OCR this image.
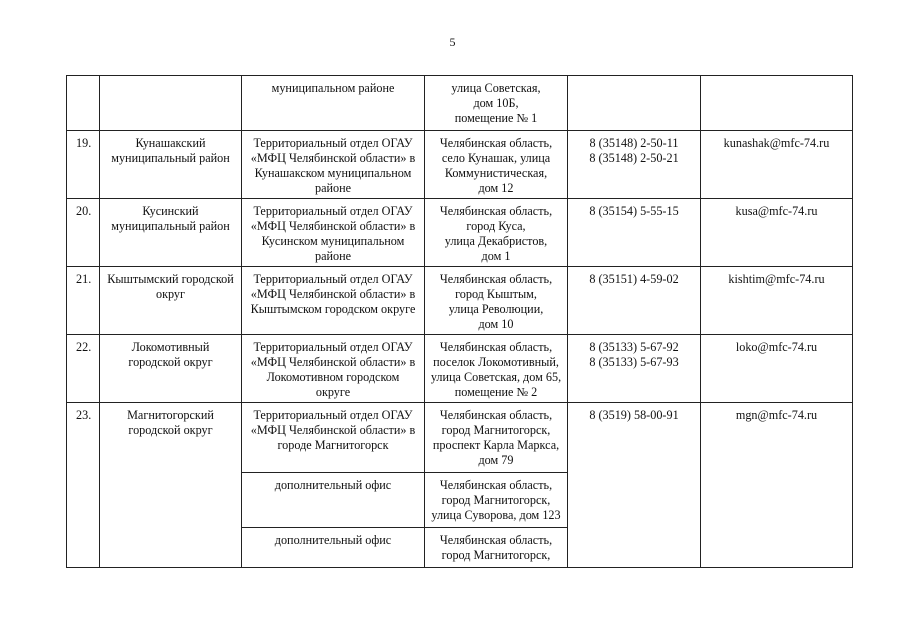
5

		муниципальном районе	улица Советская,
дом 10Б,
помещение № 1		

19.	Кунашакский
муниципальный район	Территориальный отдел ОГАУ
«МФЦ Челябинской области» в
Кунашакском муниципальном
районе	Челябинская область,
село Кунашак, улица
Коммунистическая,
дом 12	8 (35148) 2-50-11
8 (35148) 2-50-21	kunashak@mfc-74.ru

20.	Кусинский
муниципальный район	Территориальный отдел ОГАУ
«МФЦ Челябинской области» в
Кусинском муниципальном
районе	Челябинская область,
город Куса,
улица Декабристов,
дом 1	8 (35154) 5-55-15	kusa@mfc-74.ru

21.	Кыштымский городской
округ	Территориальный отдел ОГАУ
«МФЦ Челябинской области» в
Кыштымском городском округе	Челябинская область,
город Кыштым,
улица Революции,
дом 10	8 (35151) 4-59-02	kishtim@mfc-74.ru

22.	Локомотивный
городской округ	Территориальный отдел ОГАУ
«МФЦ Челябинской области» в
Локомотивном городском
округе	Челябинская область,
поселок Локомотивный,
улица Советская, дом 65,
помещение № 2	8 (35133) 5-67-92
8 (35133) 5-67-93	loko@mfc-74.ru

23.	Магнитогорский
городской округ	Территориальный отдел ОГАУ
«МФЦ Челябинской области» в
городе Магнитогорск	Челябинская область,
город Магнитогорск,
проспект Карла Маркса,
дом 79	8 (3519) 58-00-91	mgn@mfc-74.ru

		дополнительный офис	Челябинская область,
город Магнитогорск,
улица Суворова, дом 123		

		дополнительный офис	Челябинская область,
город Магнитогорск,		
